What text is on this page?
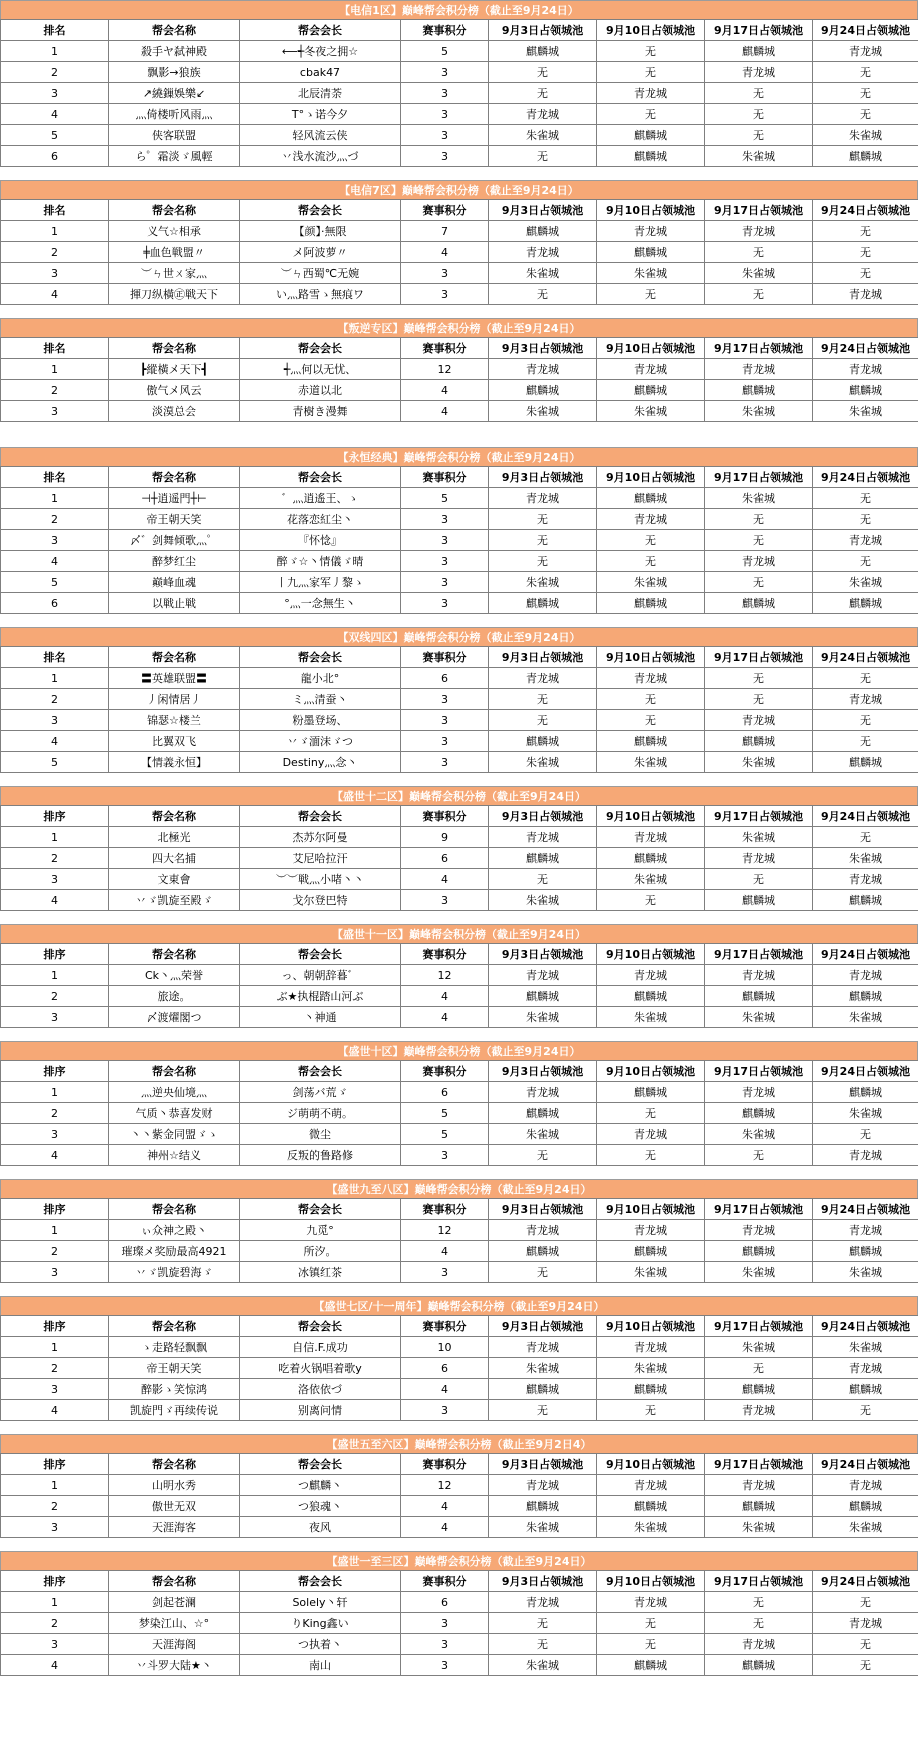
【电信1区】巅峰帮会积分榜（截止至9月24日）
排名	帮会名称	帮会会长	赛事积分	9月3日占领城池	9月10日占领城池	9月17日占领城池	9月24日占领城池
1	殺手ヤ弑神殿	⟵┽冬夜之拥☆	5	麒麟城	无	麒麟城	青龙城
2	飘影→狼族	cbak47	3	无	无	青龙城	无
3	↗繞鏁娛樂↙	北辰清荼	3	无	青龙城	无	无
4	灬倚楼听风雨灬	T°ゝ诺今夕	3	青龙城	无	无	无
5	侠客联盟	轻风流云侠	3	朱雀城	麒麟城	无	朱雀城
6	ら゜霜淡ゞ風輕	丷浅水流沙灬づ	3	无	麒麟城	朱雀城	麒麟城
【电信7区】巅峰帮会积分榜（截止至9月24日）
排名	帮会名称	帮会会长	赛事积分	9月3日占领城池	9月10日占领城池	9月17日占领城池	9月24日占领城池
1	义气☆相承	【颜】·無限	7	麒麟城	青龙城	青龙城	无
2	╪血色戦盟〃	メ阿波萝〃	4	青龙城	麒麟城	无	无
3	︶ㄣ世ㄨ家灬	︶ㄣ西蜀℃无婉	3	朱雀城	朱雀城	朱雀城	无
4	揮刀纵橫㊣戦天下	い灬路雪ゝ無痕ワ	3	无	无	无	青龙城
【叛逆专区】巅峰帮会积分榜（截止至9月24日）
排名	帮会名称	帮会会长	赛事积分	9月3日占领城池	9月10日占领城池	9月17日占领城池	9月24日占领城池
1	┣縱橫メ天下┫	┽灬何以无忧、	12	青龙城	青龙城	青龙城	青龙城
2	傲气メ风云	赤道以北	4	麒麟城	麒麟城	麒麟城	麒麟城
3	淡漠总会	青樹き漫舞	4	朱雀城	朱雀城	朱雀城	朱雀城
【永恒经典】巅峰帮会积分榜（截止至9月24日）
排名	帮会名称	帮会会长	赛事积分	9月3日占领城池	9月10日占领城池	9月17日占领城池	9月24日占领城池
1	⊣┼逍遥門┼⊢	゛灬逍遙王、ゝ	5	青龙城	麒麟城	朱雀城	无
2	帝王朝天笑	花落恋紅尘丶	3	无	青龙城	无	无
3	〆゛剑舞倾歌灬゜	『怀惗』	3	无	无	无	青龙城
4	醉梦红尘	醉ゞ☆丶情儀ゞ晴	3	无	无	青龙城	无
5	巅峰血魂	丨九灬家军丿黎ゝ	3	朱雀城	朱雀城	无	朱雀城
6	以戦止戦	°灬一念無生丶	3	麒麟城	麒麟城	麒麟城	麒麟城
【双线四区】巅峰帮会积分榜（截止至9月24日）
排名	帮会名称	帮会会长	赛事积分	9月3日占领城池	9月10日占领城池	9月17日占领城池	9月24日占领城池
1	〓英雄联盟〓	龍小北°	6	青龙城	青龙城	无	无
2	丿闲情居丿	ミ灬清蚕丶	3	无	无	无	青龙城
3	锦瑟☆楼兰	粉墨登场、	3	无	无	青龙城	无
4	比翼双飞	丷ゞ湎沫ゞつ	3	麒麟城	麒麟城	麒麟城	无
5	【情義永恒】	Destiny灬念丶	3	朱雀城	朱雀城	朱雀城	麒麟城
【盛世十二区】巅峰帮会积分榜（截止至9月24日）
排序	帮会名称	帮会会长	赛事积分	9月3日占领城池	9月10日占领城池	9月17日占领城池	9月24日占领城池
1	北極光	杰苏尔阿曼	9	青龙城	青龙城	朱雀城	无
2	四大名捕	艾尼哈拉汗	6	麒麟城	麒麟城	青龙城	朱雀城
3	文東會	︶︶戦灬小啫丶丶	4	无	朱雀城	无	青龙城
4	丷ゞ凯旋至殿ゞ	戈尔登巴特	3	朱雀城	无	麒麟城	麒麟城
【盛世十一区】巅峰帮会积分榜（截止至9月24日）
排序	帮会名称	帮会会长	赛事积分	9月3日占领城池	9月10日占领城池	9月17日占领城池	9月24日占领城池
1	Ck丶灬荣誉	っ、朝朝辞暮゛	12	青龙城	青龙城	青龙城	青龙城
2	旅途。	ぶ★执棍踏山河ぶ	4	麒麟城	麒麟城	麒麟城	麒麟城
3	〆渡燿閣つ	丶神通	4	朱雀城	朱雀城	朱雀城	朱雀城
【盛世十区】巅峰帮会积分榜（截止至9月24日）
排序	帮会名称	帮会会长	赛事积分	9月3日占领城池	9月10日占领城池	9月17日占领城池	9月24日占领城池
1	灬逆央仙境灬	剑荡バ荒ゞ	6	青龙城	麒麟城	青龙城	麒麟城
2	气质丶恭喜发财	ジ萌萌不萌。	5	麒麟城	无	麒麟城	朱雀城
3	丶丶紫金同盟ゞゝ	微尘	5	朱雀城	青龙城	朱雀城	无
4	神州☆结义	反叛的鲁路修	3	无	无	无	青龙城
【盛世九至八区】巅峰帮会积分榜（截止至9月24日）
排序	帮会名称	帮会会长	赛事积分	9月3日占领城池	9月10日占领城池	9月17日占领城池	9月24日占领城池
1	ぃ众神之殿丶	九觅°	12	青龙城	青龙城	青龙城	青龙城
2	璀璨メ奖励最高4921	所汐。	4	麒麟城	麒麟城	麒麟城	麒麟城
3	丷ゞ凯旋碧海ゞ	冰镇红茶	3	无	朱雀城	朱雀城	朱雀城
【盛世七区/十一周年】巅峰帮会积分榜（截止至9月24日）
排序	帮会名称	帮会会长	赛事积分	9月3日占领城池	9月10日占领城池	9月17日占领城池	9月24日占领城池
1	ゝ走路轻飘飘	自信.F.成功	10	青龙城	青龙城	朱雀城	朱雀城
2	帝王朝天笑	吃着火锅唱着歌y	6	朱雀城	朱雀城	无	青龙城
3	醉影ゝ笑惊鸿	洛依依づ	4	麒麟城	麒麟城	麒麟城	麒麟城
4	凯旋門ゞ再续传说	别离问情	3	无	无	青龙城	无
【盛世五至六区】巅峰帮会积分榜（截止至9月2日4）
排序	帮会名称	帮会会长	赛事积分	9月3日占领城池	9月10日占领城池	9月17日占领城池	9月24日占领城池
1	山明水秀	つ麒麟丶	12	青龙城	青龙城	青龙城	青龙城
2	傲世无双	つ狼魂丶	4	麒麟城	麒麟城	麒麟城	麒麟城
3	天涯海客	夜风	4	朱雀城	朱雀城	朱雀城	朱雀城
【盛世一至三区】巅峰帮会积分榜（截止至9月24日）
排序	帮会名称	帮会会长	赛事积分	9月3日占领城池	9月10日占领城池	9月17日占领城池	9月24日占领城池
1	剑起苍澜	Solely丶轩	6	青龙城	青龙城	无	无
2	梦染江山、☆°	りKing鑫い	3	无	无	无	青龙城
3	天涯海阁	つ执着丶	3	无	无	青龙城	无
4	丷斗罗大陆★丶	南山	3	朱雀城	麒麟城	麒麟城	无
